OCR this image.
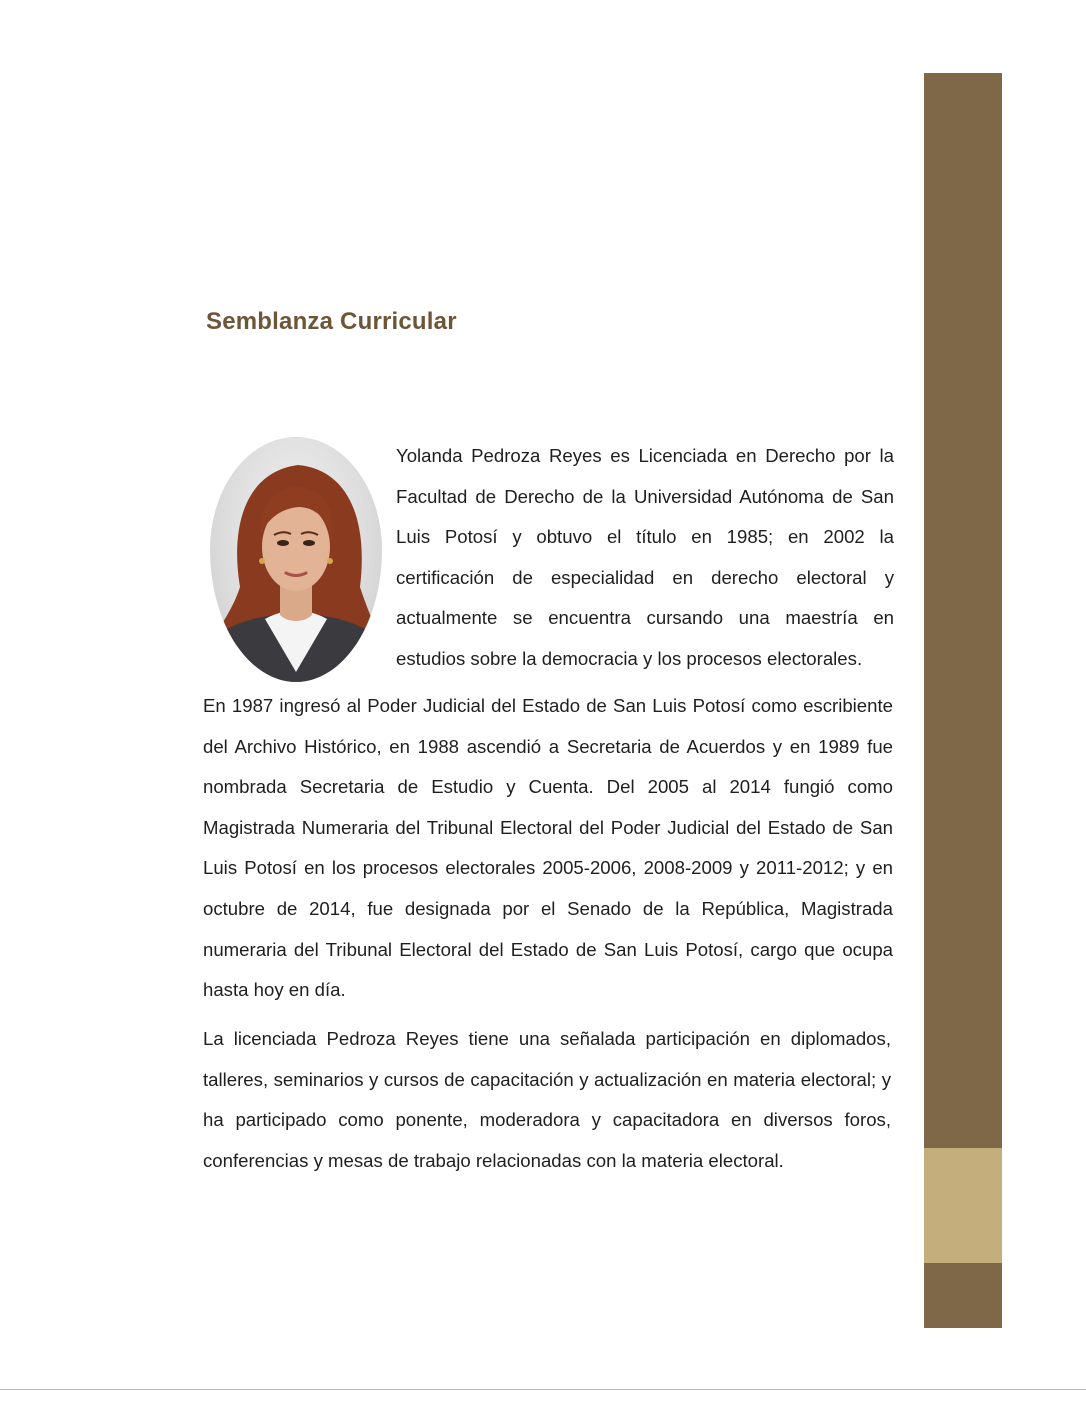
Semblanza Curricular

Yolanda Pedroza Reyes es Licenciada en Derecho por la Facultad de Derecho de la Universidad Autónoma de San Luis Potosí y obtuvo el título en 1985; en 2002 la certificación de especialidad en derecho electoral y actualmente se encuentra cursando una maestría en estudios sobre la democracia y los procesos electorales.

En 1987 ingresó al Poder Judicial del Estado de San Luis Potosí como escribiente del Archivo Histórico, en 1988 ascendió a Secretaria de Acuerdos y en 1989 fue nombrada Secretaria de Estudio y Cuenta. Del 2005 al 2014 fungió como Magistrada Numeraria del Tribunal Electoral del Poder Judicial del Estado de San Luis Potosí en los procesos electorales 2005-2006, 2008-2009 y 2011-2012; y en octubre de 2014, fue designada por el Senado de la República, Magistrada numeraria del Tribunal Electoral del Estado de San Luis Potosí, cargo que ocupa hasta hoy en día.

La licenciada Pedroza Reyes tiene una señalada participación en diplomados, talleres, seminarios y cursos de capacitación y actualización en materia electoral; y ha participado como ponente, moderadora y capacitadora en diversos foros, conferencias y mesas de trabajo relacionadas con la materia electoral.
